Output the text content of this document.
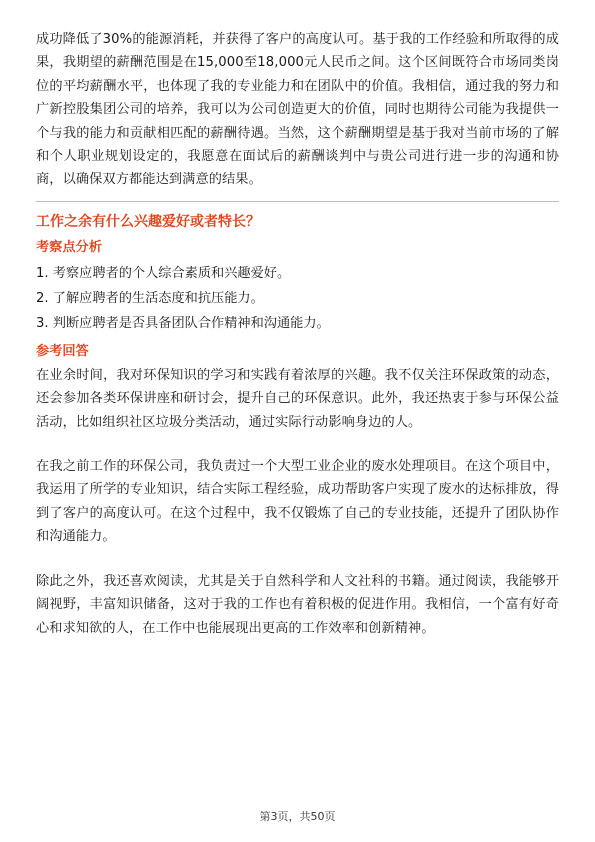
成功降低了30%的能源消耗，并获得了客户的高度认可。基于我的工作经验和所取得的成果，我期望的薪酬范围是在15,000至18,000元人民币之间。这个区间既符合市场同类岗位的平均薪酬水平，也体现了我的专业能力和在团队中的价值。我相信，通过我的努力和广新控股集团公司的培养，我可以为公司创造更大的价值，同时也期待公司能为我提供一个与我的能力和贡献相匹配的薪酬待遇。当然，这个薪酬期望是基于我对当前市场的了解和个人职业规划设定的，我愿意在面试后的薪酬谈判中与贵公司进行进一步的沟通和协商，以确保双方都能达到满意的结果。

工作之余有什么兴趣爱好或者特长？
考察点分析
1. 考察应聘者的个人综合素质和兴趣爱好。
2. 了解应聘者的生活态度和抗压能力。
3. 判断应聘者是否具备团队合作精神和沟通能力。
参考回答

在业余时间，我对环保知识的学习和实践有着浓厚的兴趣。我不仅关注环保政策的动态，还会参加各类环保讲座和研讨会，提升自己的环保意识。此外，我还热衷于参与环保公益活动，比如组织社区垃圾分类活动，通过实际行动影响身边的人。

在我之前工作的环保公司，我负责过一个大型工业企业的废水处理项目。在这个项目中，我运用了所学的专业知识，结合实际工程经验，成功帮助客户实现了废水的达标排放，得到了客户的高度认可。在这个过程中，我不仅锻炼了自己的专业技能，还提升了团队协作和沟通能力。

除此之外，我还喜欢阅读，尤其是关于自然科学和人文社科的书籍。通过阅读，我能够开阔视野，丰富知识储备，这对于我的工作也有着积极的促进作用。我相信，一个富有好奇心和求知欲的人，在工作中也能展现出更高的工作效率和创新精神。

第3页，共50页
